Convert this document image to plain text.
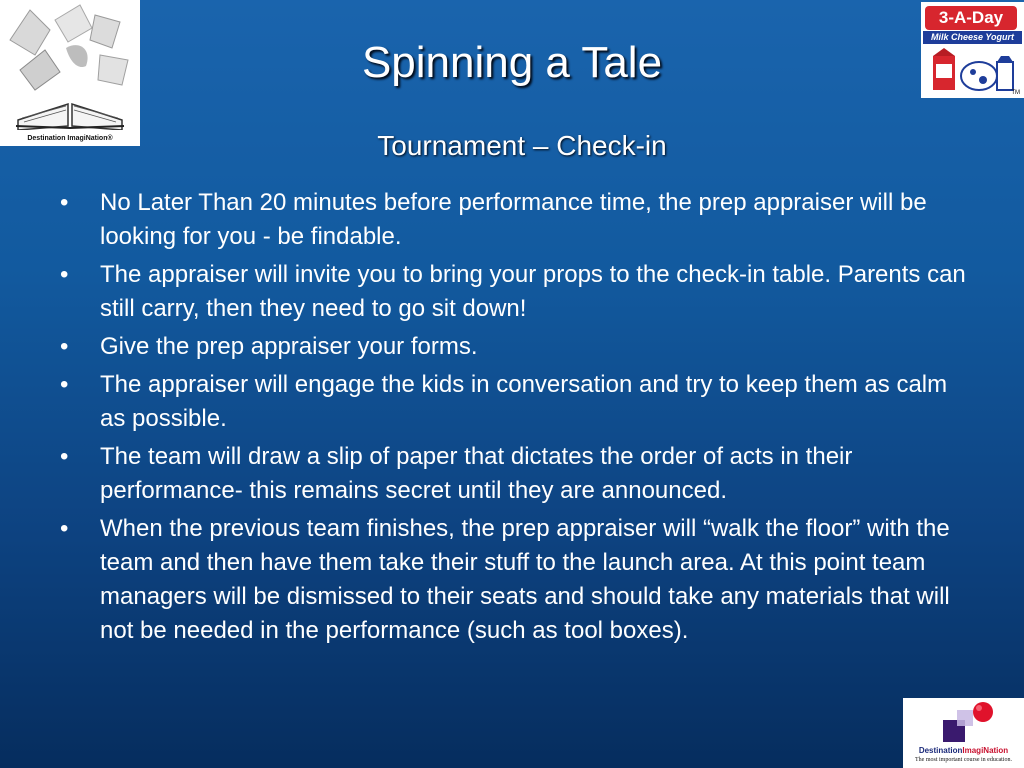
Destination ImagiNation®
3-A-Day
Milk Cheese Yogurt
TM
Spinning a Tale
Tournament – Check-in
• No Later Than 20 minutes before performance time, the prep appraiser will be looking for you - be findable.
• The appraiser will invite you to bring your props to the check-in table. Parents can still carry, then they need to go sit down!
• Give the prep appraiser your forms.
• The appraiser will engage the kids in conversation and try to keep them as calm as possible.
• The team will draw a slip of paper that dictates the order of acts in their performance- this remains secret until they are announced.
• When the previous team finishes, the prep appraiser will “walk the floor” with the team and then have them take their stuff to the launch area. At this point team managers will be dismissed to their seats and should take any materials that will not be needed in the performance (such as tool boxes).
DestinationImagiNation
The most important course in education.
